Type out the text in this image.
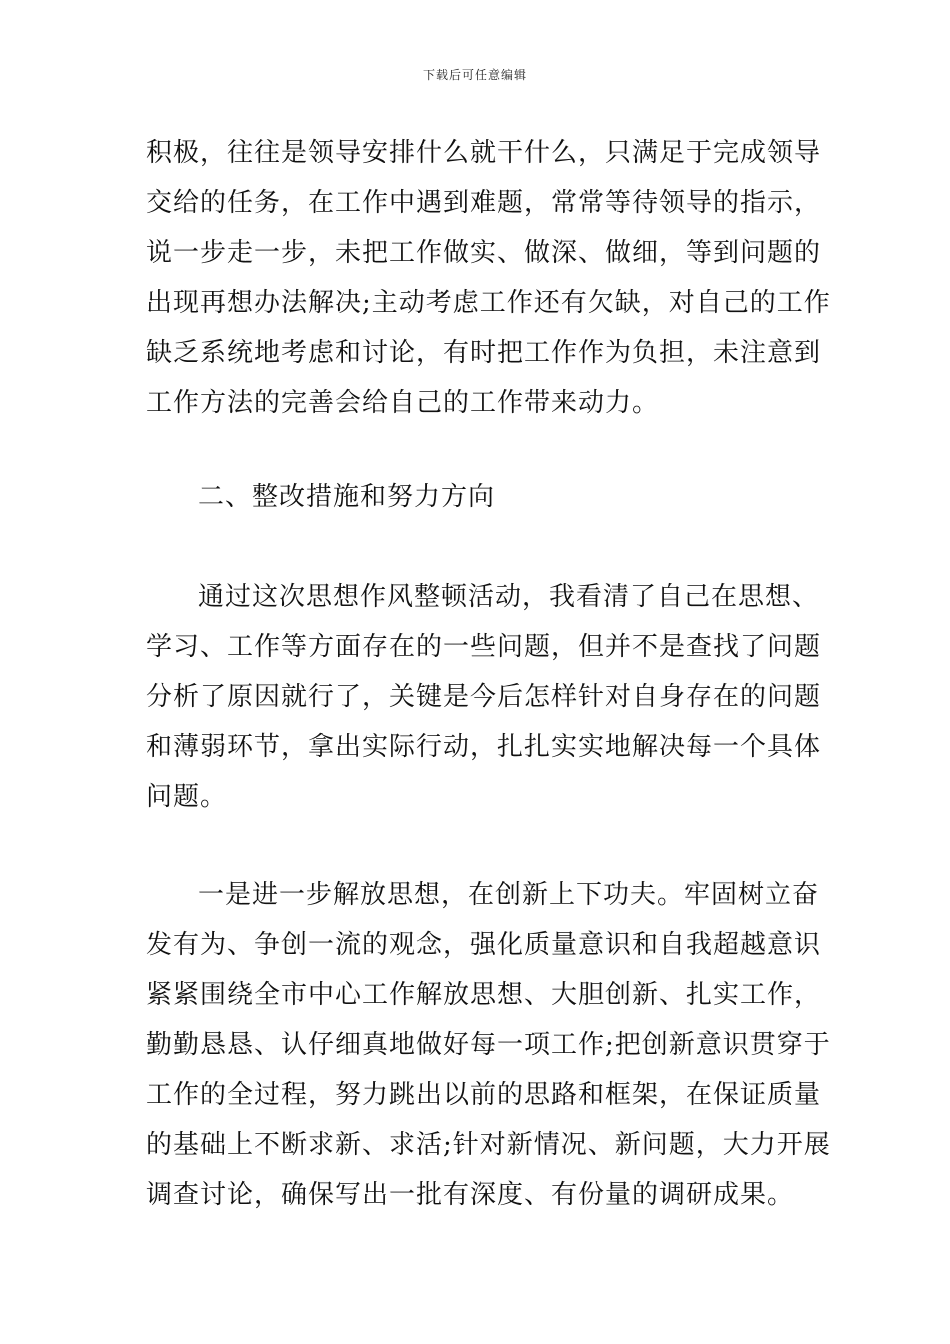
下载后可任意编辑
积极，往往是领导安排什么就干什么，只满足于完成领导
交给的任务，在工作中遇到难题，常常等待领导的指示，
说一步走一步，未把工作做实、做深、做细，等到问题的
出现再想办法解决;主动考虑工作还有欠缺，对自己的工作
缺乏系统地考虑和讨论，有时把工作作为负担，未注意到
工作方法的完善会给自己的工作带来动力。
二、整改措施和努力方向
通过这次思想作风整顿活动，我看清了自己在思想、
学习、工作等方面存在的一些问题，但并不是查找了问题
分析了原因就行了，关键是今后怎样针对自身存在的问题
和薄弱环节，拿出实际行动，扎扎实实地解决每一个具体
问题。
一是进一步解放思想，在创新上下功夫。牢固树立奋
发有为、争创一流的观念，强化质量意识和自我超越意识
紧紧围绕全市中心工作解放思想、大胆创新、扎实工作，
勤勤恳恳、认仔细真地做好每一项工作;把创新意识贯穿于
工作的全过程，努力跳出以前的思路和框架，在保证质量
的基础上不断求新、求活;针对新情况、新问题，大力开展
调查讨论，确保写出一批有深度、有份量的调研成果。
